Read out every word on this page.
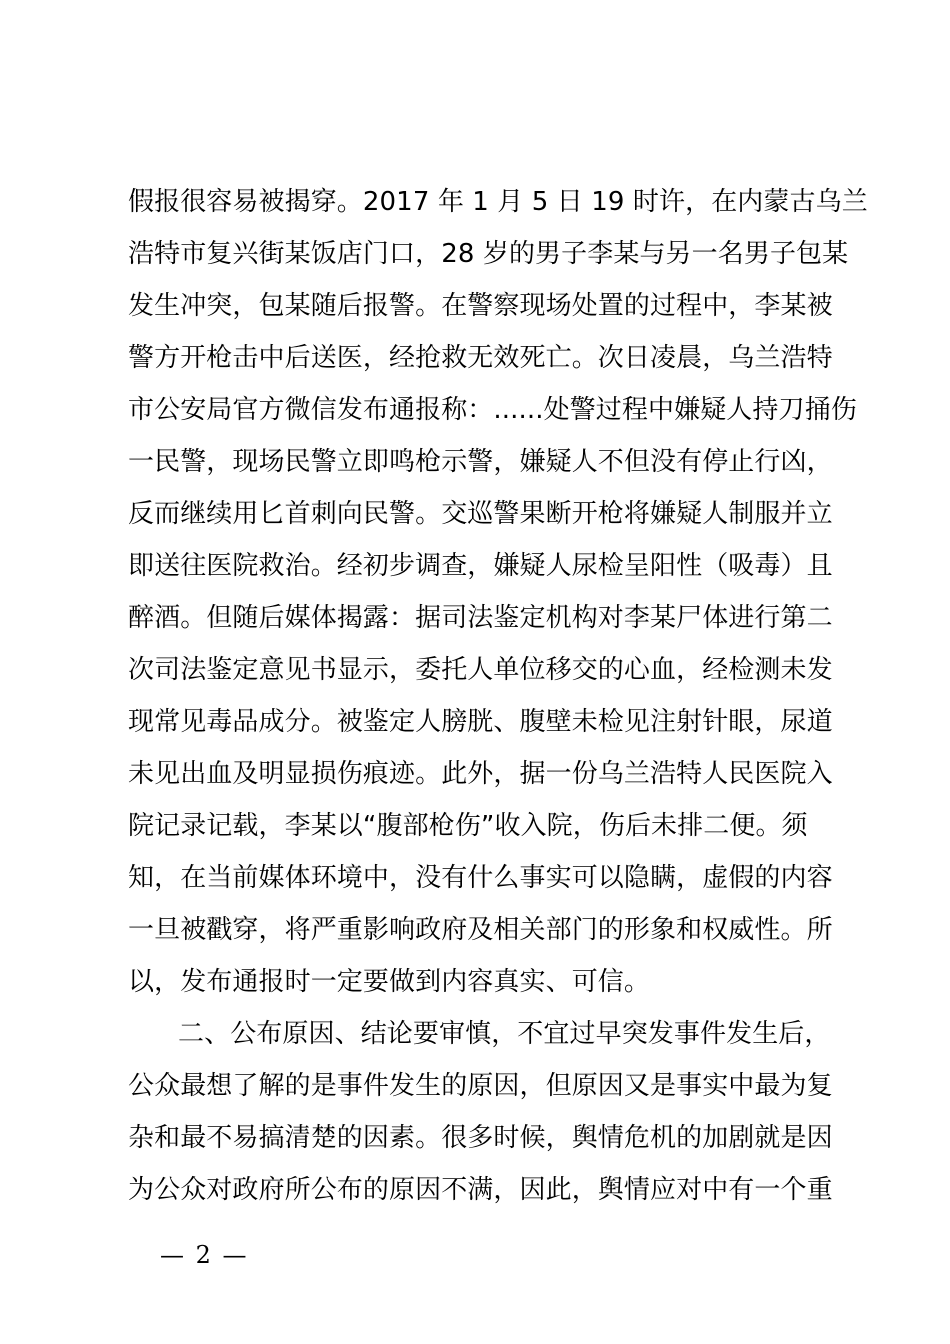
假报很容易被揭穿。2017 年 1 月 5 日 19 时许，在内蒙古乌兰
浩特市复兴街某饭店门口，28 岁的男子李某与另一名男子包某
发生冲突，包某随后报警。在警察现场处置的过程中，李某被
警方开枪击中后送医，经抢救无效死亡。次日凌晨，乌兰浩特
市公安局官方微信发布通报称：......处警过程中嫌疑人持刀捅伤
一民警，现场民警立即鸣枪示警，嫌疑人不但没有停止行凶，
反而继续用匕首刺向民警。交巡警果断开枪将嫌疑人制服并立
即送往医院救治。经初步调查，嫌疑人尿检呈阳性（吸毒）且
醉酒。但随后媒体揭露：据司法鉴定机构对李某尸体进行第二
次司法鉴定意见书显示，委托人单位移交的心血，经检测未发
现常见毒品成分。被鉴定人膀胱、腹壁未检见注射针眼，尿道
未见出血及明显损伤痕迹。此外，据一份乌兰浩特人民医院入
院记录记载，李某以“腹部枪伤”收入院，伤后未排二便。须
知，在当前媒体环境中，没有什么事实可以隐瞒，虚假的内容
一旦被戳穿，将严重影响政府及相关部门的形象和权威性。所
以，发布通报时一定要做到内容真实、可信。
二、公布原因、结论要审慎，不宜过早突发事件发生后，
公众最想了解的是事件发生的原因，但原因又是事实中最为复
杂和最不易搞清楚的因素。很多时候，舆情危机的加剧就是因
为公众对政府所公布的原因不满，因此，舆情应对中有一个重
— 2 —
